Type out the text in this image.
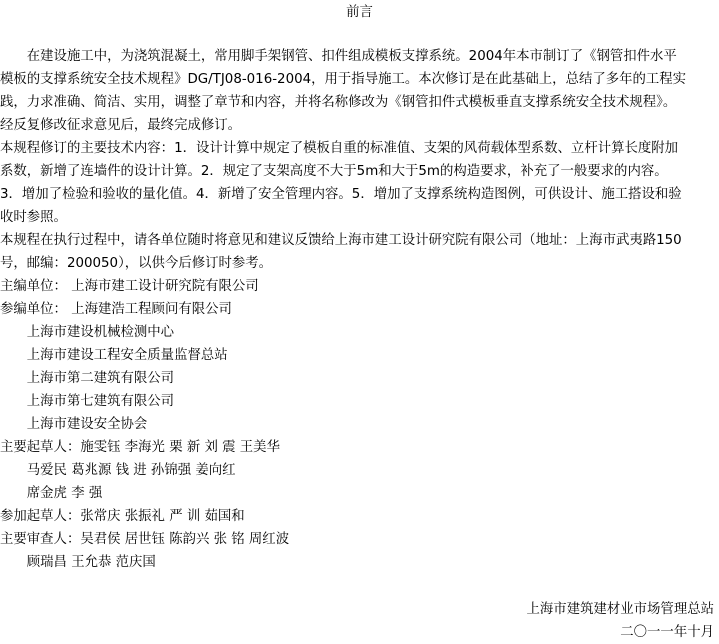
前言
　　在建设施工中，为浇筑混凝土，常用脚手架钢管、扣件组成模板支撑系统。2004年本市制订了《钢管扣件水平
模板的支撑系统安全技术规程》DG/TJ08-016-2004，用于指导施工。本次修订是在此基础上，总结了多年的工程实
践，力求准确、简洁、实用，调整了章节和内容，并将名称修改为《钢管扣件式模板垂直支撑系统安全技术规程》。
经反复修改征求意见后，最终完成修订。
本规程修订的主要技术内容：1．设计计算中规定了模板自重的标准值、支架的风荷载体型系数、立杆计算长度附加
系数，新增了连墙件的设计计算。2．规定了支架高度不大于5m和大于5m的构造要求，补充了一般要求的内容。
3．增加了检验和验收的量化值。4．新增了安全管理内容。5．增加了支撑系统构造图例，可供设计、施工搭设和验
收时参照。
本规程在执行过程中，请各单位随时将意见和建议反馈给上海市建工设计研究院有限公司（地址：上海市武夷路150
号，邮编：200050），以供今后修订时参考。
主编单位： 上海市建工设计研究院有限公司
参编单位： 上海建浩工程顾问有限公司
　　上海市建设机械检测中心
　　上海市建设工程安全质量监督总站
　　上海市第二建筑有限公司
　　上海市第七建筑有限公司
　　上海市建设安全协会
主要起草人：施雯钰 李海光 栗 新 刘 震 王美华
　　马爱民 葛兆源 钱 进 孙锦强 姜向红
　　席金虎 李 强
参加起草人：张常庆 张振礼 严 训 茹国和
主要审查人：吴君侯 居世钰 陈韵兴 张 铭 周红波
　　顾瑞昌 王允恭 范庆国
上海市建筑建材业市场管理总站
二〇一一年十月
